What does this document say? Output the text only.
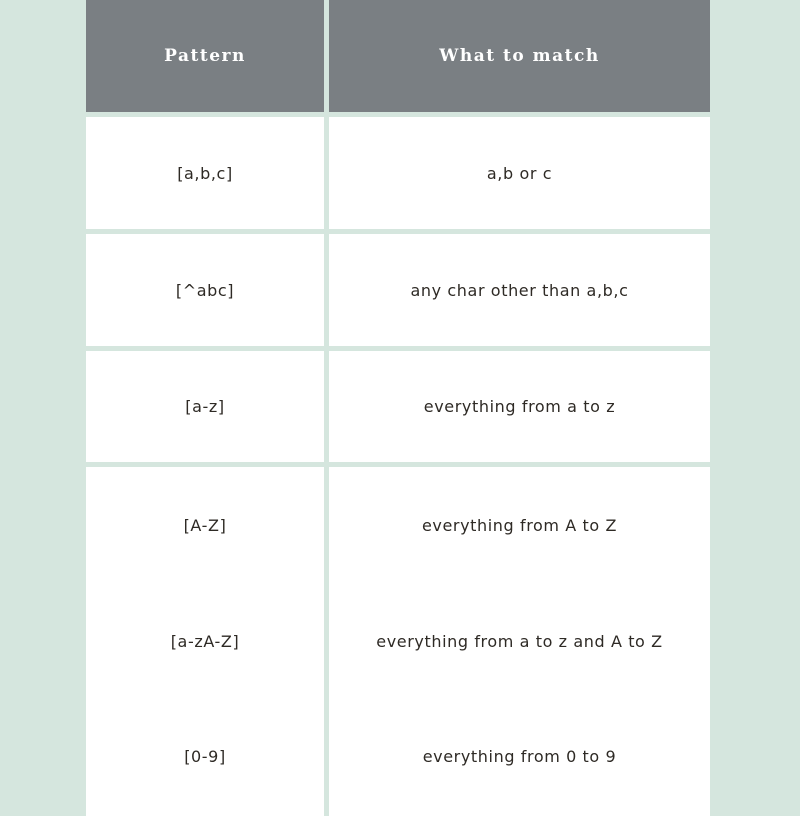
Pattern	What to match
[a,b,c]	a,b or c
[^abc]	any char other than a,b,c
[a-z]	everything from a to z
[A-Z]	everything from A to Z
[a-zA-Z]	everything from a to z and A to Z
[0-9]	everything from 0 to 9
